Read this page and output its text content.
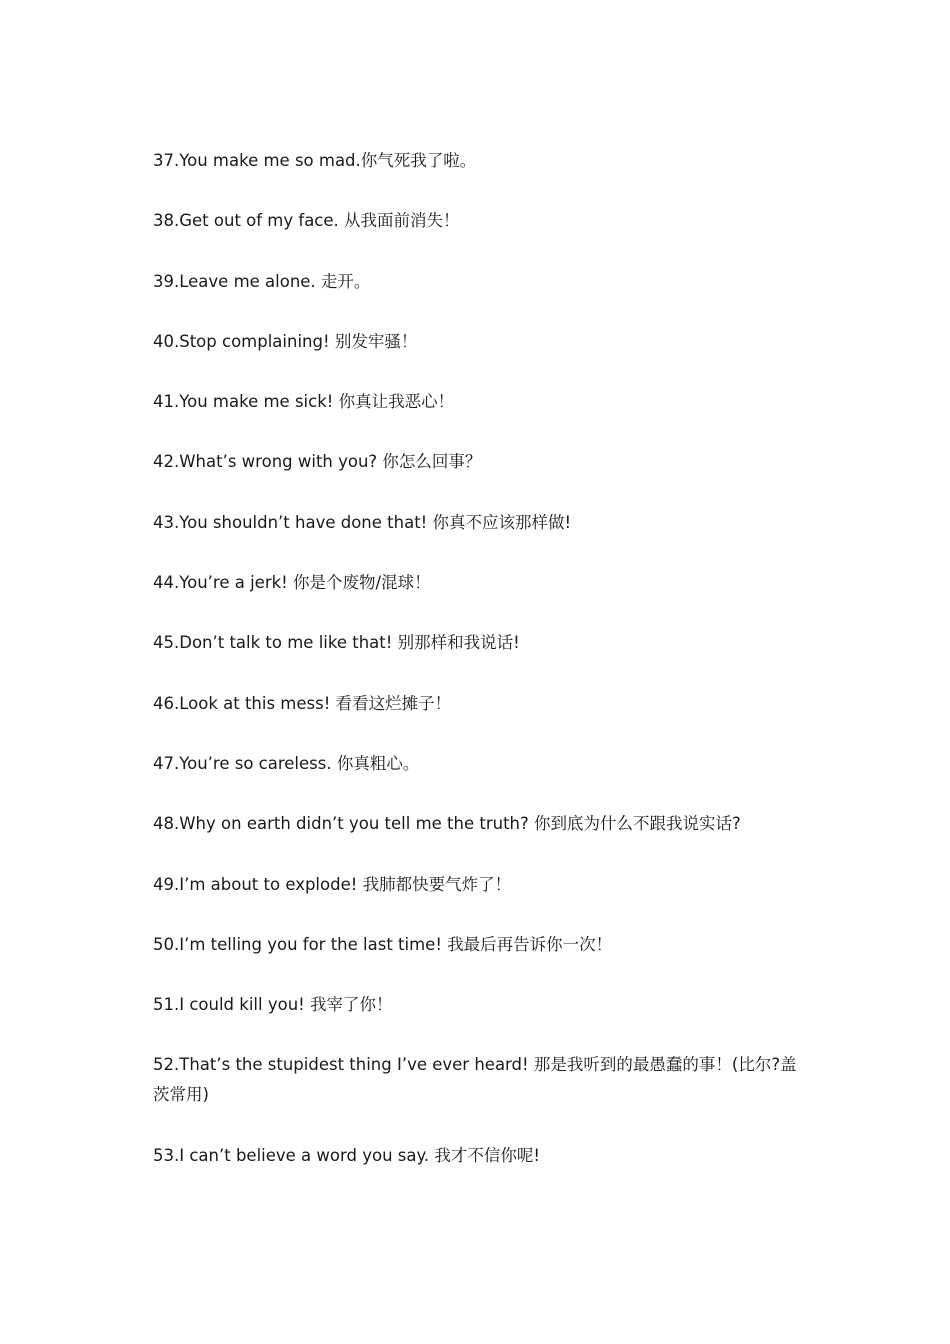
37.You make me so mad.你气死我了啦。

38.Get out of my face. 从我面前消失！

39.Leave me alone. 走开。

40.Stop complaining! 别发牢骚！

41.You make me sick! 你真让我恶心！

42.What’s wrong with you? 你怎么回事？

43.You shouldn’t have done that! 你真不应该那样做!

44.You’re a jerk! 你是个废物/混球！

45.Don’t talk to me like that! 别那样和我说话!

46.Look at this mess! 看看这烂摊子！

47.You’re so careless. 你真粗心。

48.Why on earth didn’t you tell me the truth? 你到底为什么不跟我说实话?

49.I’m about to explode! 我肺都快要气炸了！

50.I’m telling you for the last time! 我最后再告诉你一次！

51.I could kill you! 我宰了你！

52.That’s the stupidest thing I’ve ever heard! 那是我听到的最愚蠢的事！(比尔?盖茨常用)

53.I can’t believe a word you say. 我才不信你呢!
